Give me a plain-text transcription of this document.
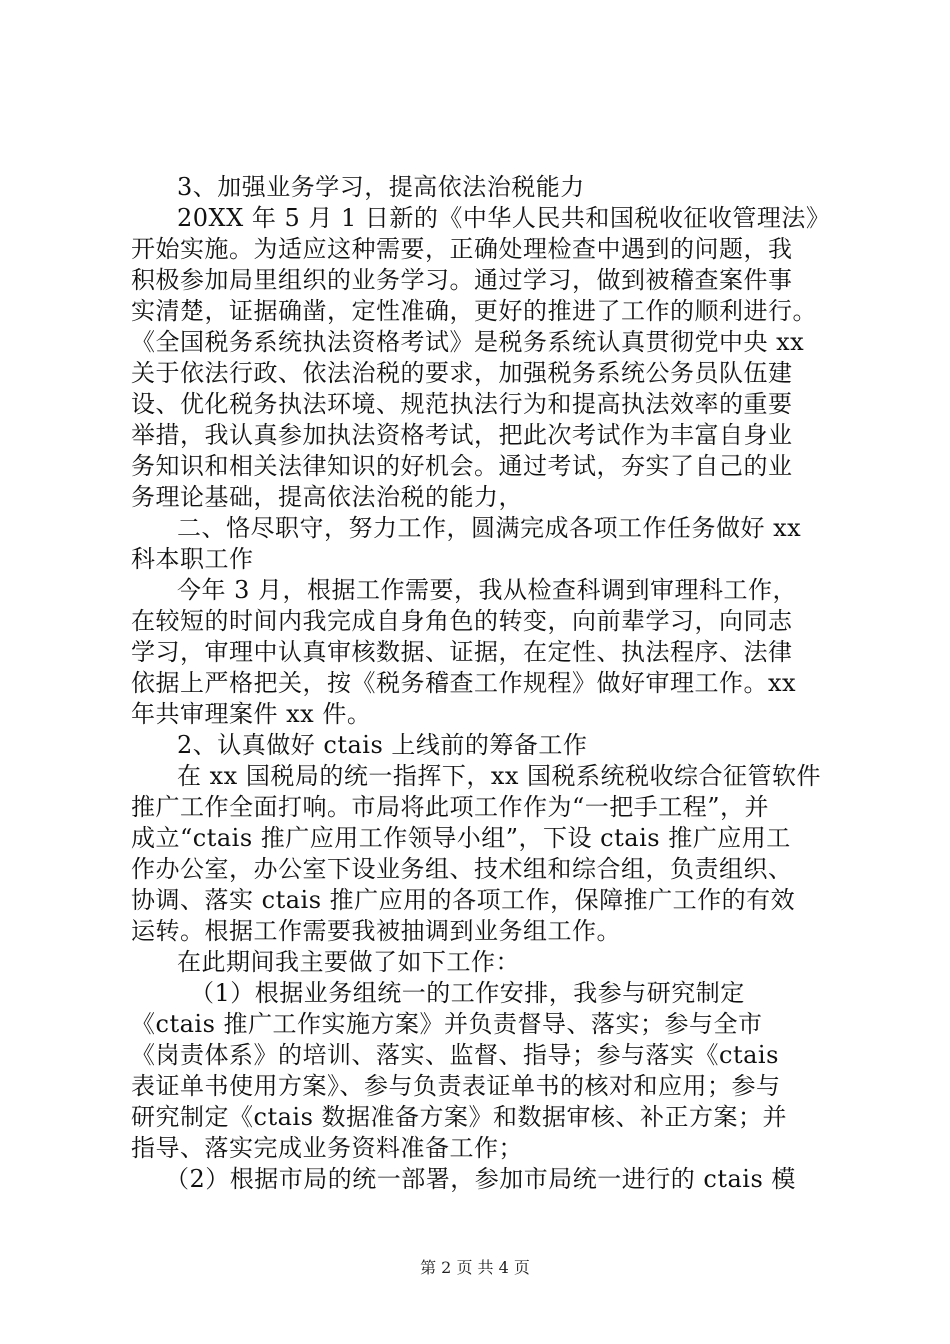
3、加强业务学习，提高依法治税能力
20XX 年 5 月 1 日新的《中华人民共和国税收征收管理法》
开始实施。为适应这种需要，正确处理检查中遇到的问题，我
积极参加局里组织的业务学习。通过学习，做到被稽查案件事
实清楚，证据确凿，定性准确，更好的推进了工作的顺利进行。
《全国税务系统执法资格考试》是税务系统认真贯彻党中央 xx
关于依法行政、依法治税的要求，加强税务系统公务员队伍建
设、优化税务执法环境、规范执法行为和提高执法效率的重要
举措，我认真参加执法资格考试，把此次考试作为丰富自身业
务知识和相关法律知识的好机会。通过考试，夯实了自己的业
务理论基础，提高依法治税的能力，
二、恪尽职守，努力工作，圆满完成各项工作任务做好 xx
科本职工作
今年 3 月，根据工作需要，我从检查科调到审理科工作，
在较短的时间内我完成自身角色的转变，向前辈学习，向同志
学习，审理中认真审核数据、证据，在定性、执法程序、法律
依据上严格把关，按《税务稽查工作规程》做好审理工作。xx
年共审理案件 xx 件。
2、认真做好 ctais 上线前的筹备工作
在 xx 国税局的统一指挥下，xx 国税系统税收综合征管软件
推广工作全面打响。市局将此项工作作为“一把手工程”，并
成立“ctais 推广应用工作领导小组”，下设 ctais 推广应用工
作办公室，办公室下设业务组、技术组和综合组，负责组织、
协调、落实 ctais 推广应用的各项工作，保障推广工作的有效
运转。根据工作需要我被抽调到业务组工作。
在此期间我主要做了如下工作：
（1）根据业务组统一的工作安排，我参与研究制定
《ctais 推广工作实施方案》并负责督导、落实；参与全市
《岗责体系》的培训、落实、监督、指导；参与落实《ctais
表证单书使用方案》、参与负责表证单书的核对和应用；参与
研究制定《ctais 数据准备方案》和数据审核、补正方案；并
指导、落实完成业务资料准备工作；
第 2 页 共 4 页
（2）根据市局的统一部署，参加市局统一进行的 ctais 模
